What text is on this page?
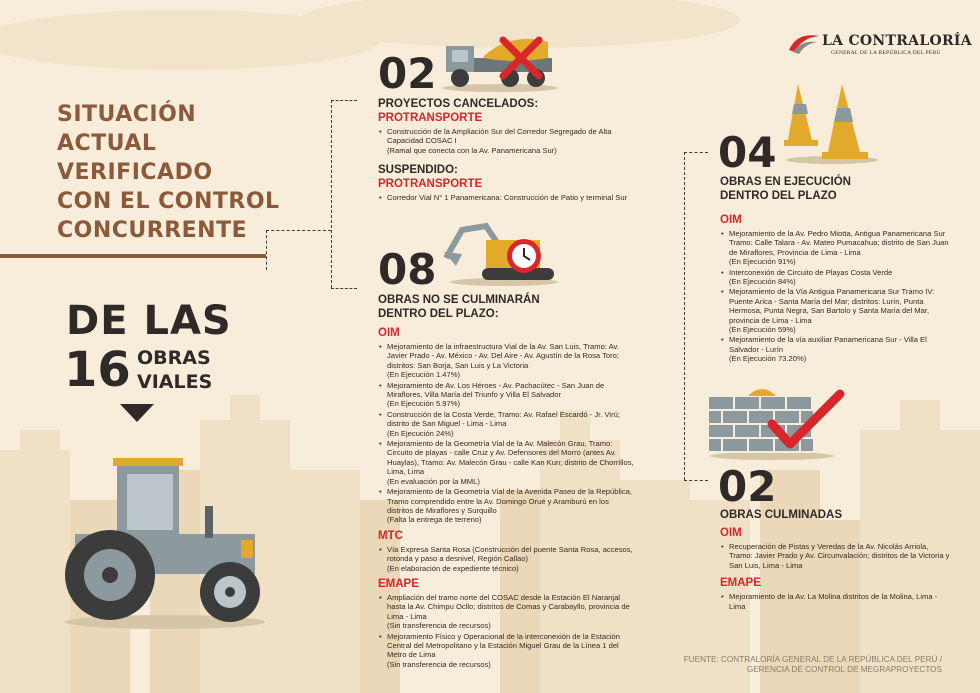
SITUACIÓN
ACTUAL
VERIFICADO
CON EL CONTROL
CONCURRENTE
DE LAS
16 OBRAS
VIALES
LA CONTRALORÍA
GENERAL DE LA REPÚBLICA DEL PERÚ
02
PROYECTOS CANCELADOS:
PROTRANSPORTE
• Construcción de la Ampliación Sur del Corredor Segregado de Alta Capacidad COSAC I
(Ramal que conecta con la Av. Panamericana Sur)
SUSPENDIDO:
PROTRANSPORTE
• Corredor Vial N° 1 Panamericana: Construcción de Patio y terminal Sur
08
OBRAS NO SE CULMINARÁN
DENTRO DEL PLAZO:
OIM
• Mejoramiento de la infraestructura Vial de la Av. San Luis, Tramo: Av. Javier Prado - Av. México - Av. Del Aire - Av. Agustín de la Rosa Toro; distritos: San Borja, San Luis y La Victoria
(En Ejecución 1.47%)
• Mejoramiento de Av. Los Héroes - Av. Pachacútec - San Juan de Miraflores, Villa María del Triunfo y Villa El Salvador
(En Ejecución 5.97%)
• Construcción de la Costa Verde, Tramo: Av. Rafael Escardó - Jr. Virú; distrito de San Miguel - Lima - Lima
(En Ejecución 24%)
• Mejoramiento de la Geometría Vial de la Av. Malecón Grau, Tramo: Circuito de playas - calle Cruz y Av. Defensores del Morro (antes Av. Huaylas), Tramo: Av. Malecón Grau - calle Kan Kun; distrito de Chorrillos, Lima, Lima
(En evaluación por la MML)
• Mejoramiento de la Geometría Vial de la Avenida Paseo de la República, Tramo comprendido entre la Av. Domingo Orué y Aramburú en los distritos de Miraflores y Surquillo
(Falta la entrega de terreno)
MTC
• Vía Expresa Santa Rosa (Construcción del puente Santa Rosa, accesos, rotonda y paso a desnivel, Región Callao)
(En elaboración de expediente técnico)
EMAPE
• Ampliación del tramo norte del COSAC desde la Estación El Naranjal hasta la Av. Chimpu Ocllo; distritos de Comas y Carabayllo, provincia de Lima - Lima
(Sin transferencia de recursos)
• Mejoramiento Físico y Operacional de la interconexión de la Estación Central del Metropolitano y la Estación Miguel Grau de la Línea 1 del Metro de Lima
(Sin transferencia de recursos)
04
OBRAS EN EJECUCIÓN
DENTRO DEL PLAZO
OIM
• Mejoramiento de la Av. Pedro Miotta, Antigua Panamericana Sur Tramo: Calle Talara - Av. Mateo Pumacahua; distrito de San Juan de Miraflores, Provincia de Lima - Lima
(En Ejecución 91%)
• Interconexión de Circuito de Playas Costa Verde
(En Ejecución 84%)
• Mejoramiento de la Vía Antigua Panamericana Sur Tramo IV: Puente Arica - Santa María del Mar; distritos: Lurín, Punta Hermosa, Punta Negra, San Bartolo y Santa María del Mar, provincia de Lima - Lima
(En Ejecución 59%)
• Mejoramiento de la vía auxiliar Panamericana Sur - Villa El Salvador - Lurín
(En Ejecución 73.20%)
02
OBRAS CULMINADAS
OIM
• Recuperación de Pistas y Veredas de la Av. Nicolás Arriola, Tramo: Javier Prado y Av. Circunvalación; distritos de la Victoria y San Luis, Lima - Lima
EMAPE
• Mejoramiento de la Av. La Molina distritos de la Molina, Lima - Lima
FUENTE: CONTRALORÍA GENERAL DE LA REPÚBLICA DEL PERÚ /
GERENCIA DE CONTROL DE MEGRAPROYECTOS
